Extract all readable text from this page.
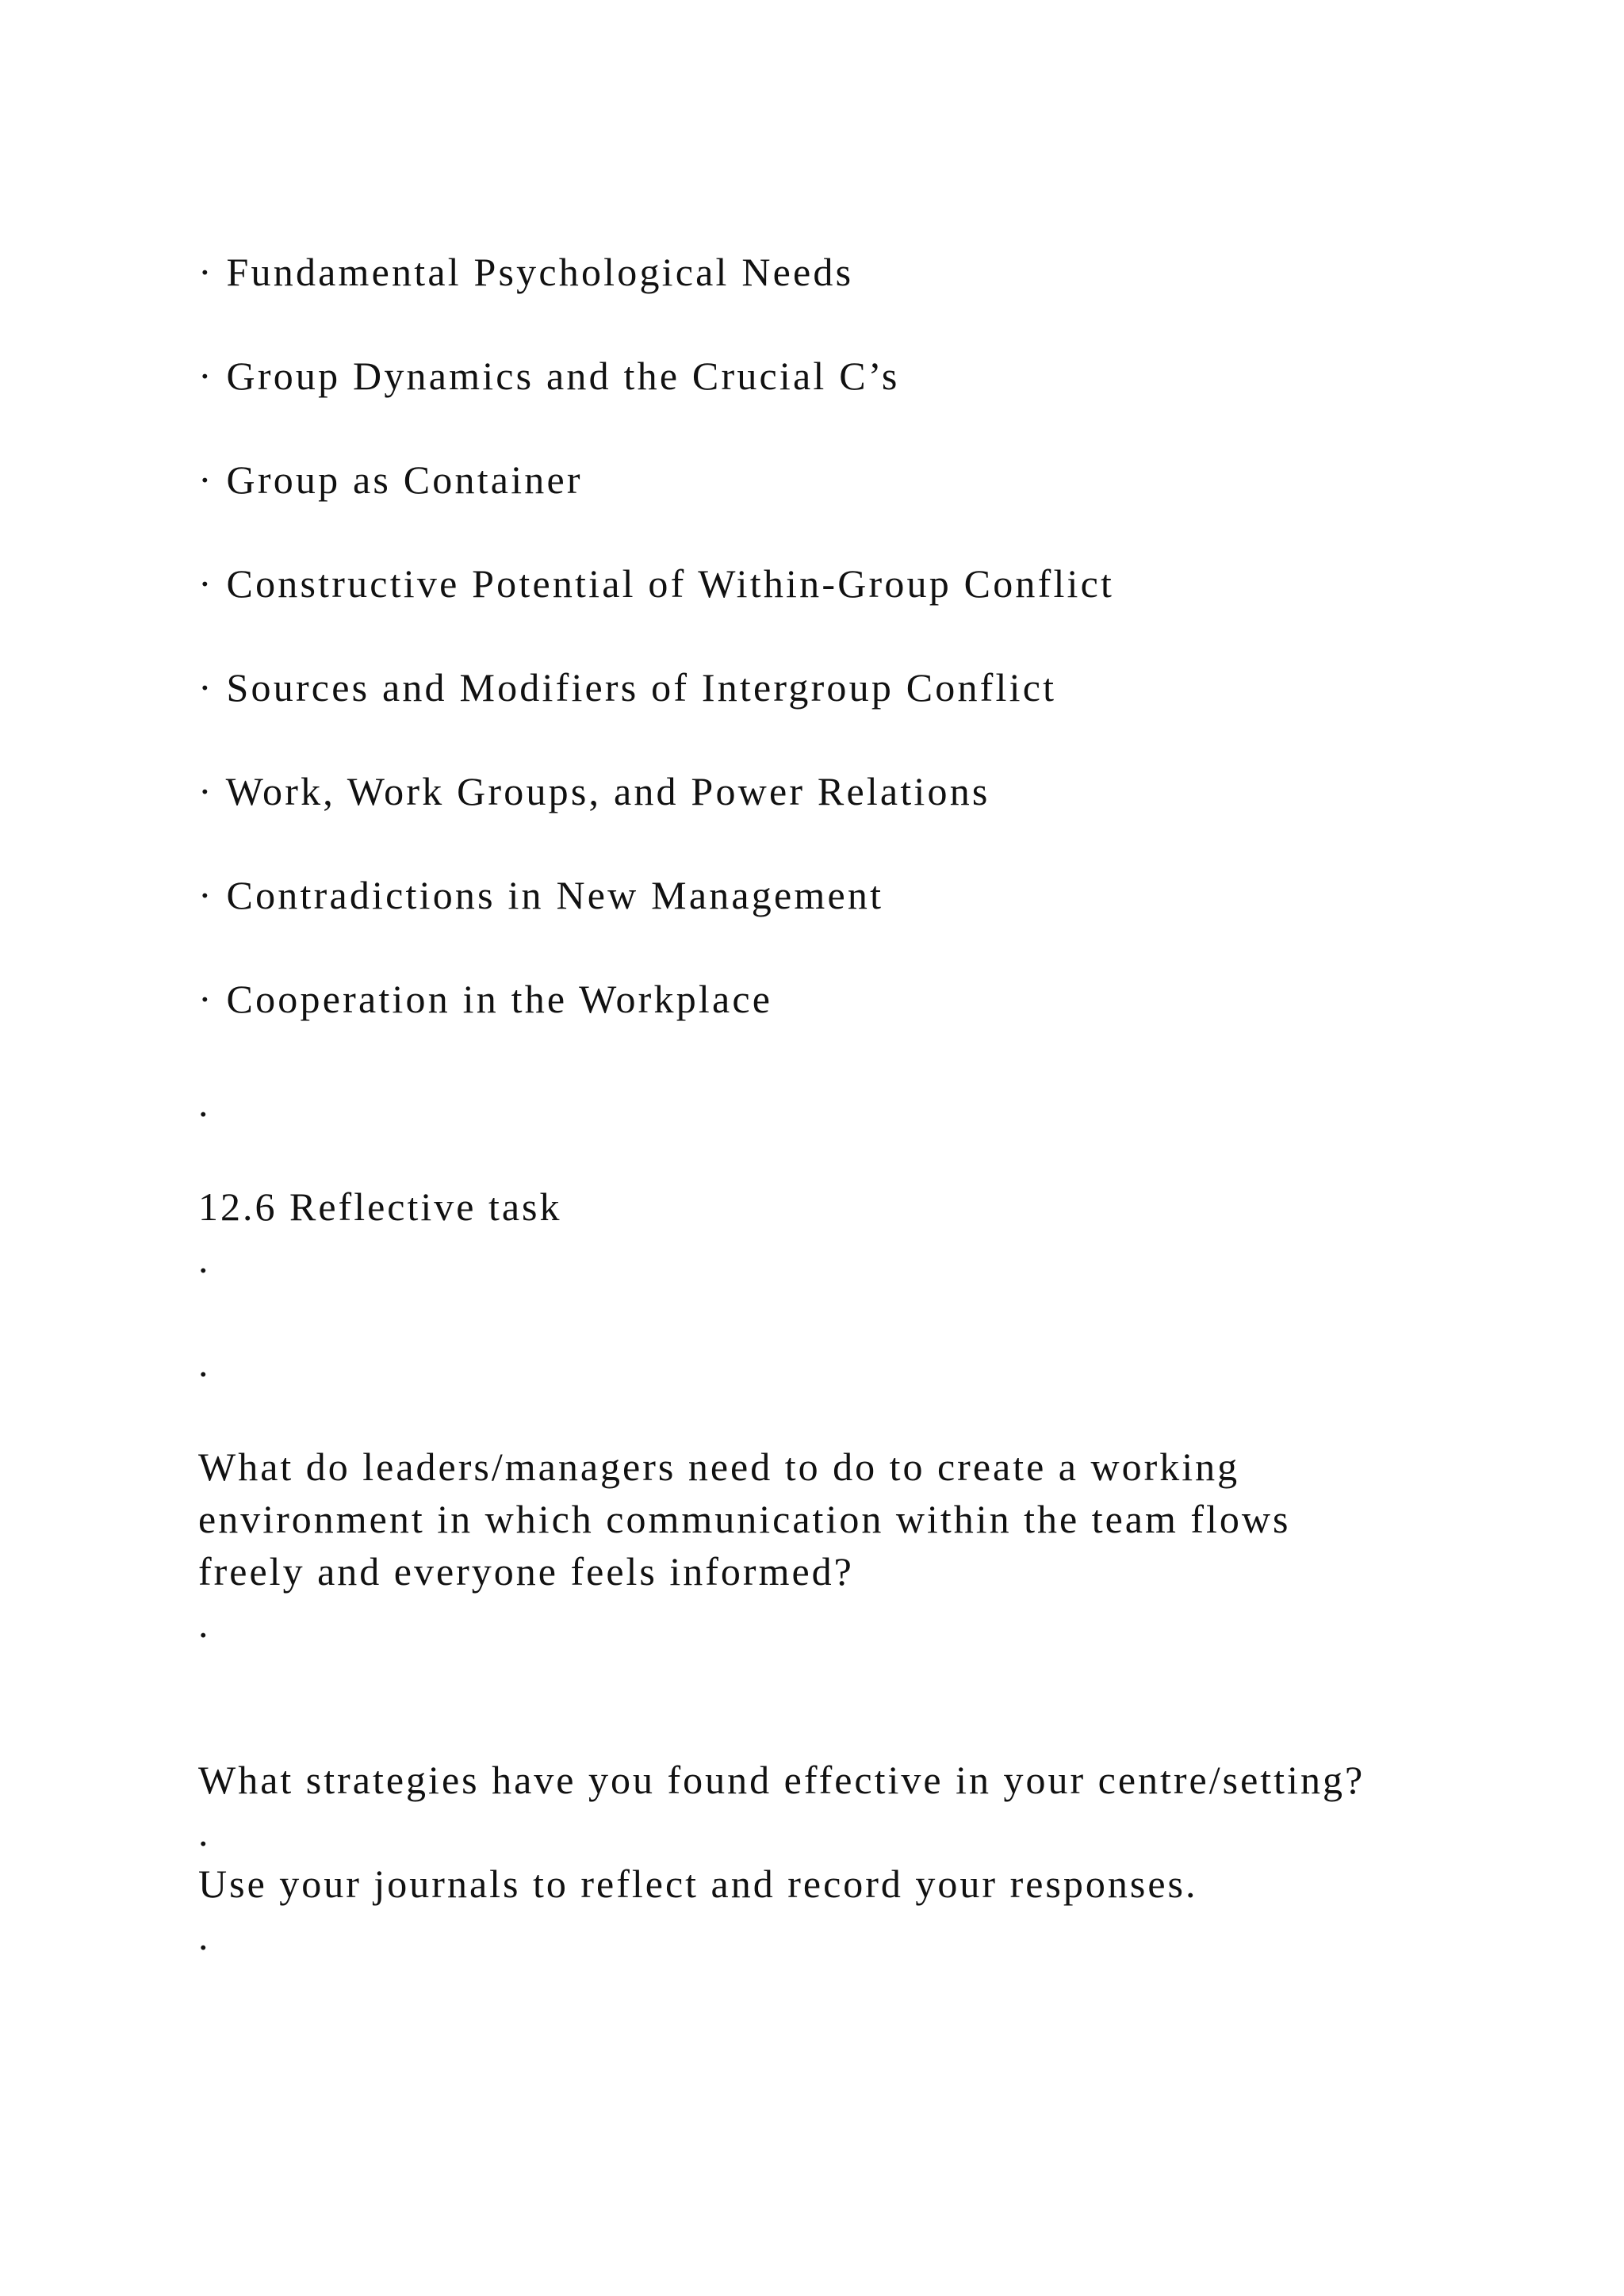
· Fundamental Psychological Needs
· Group Dynamics and the Crucial C’s
· Group as Container
· Constructive Potential of Within-Group Conflict
· Sources and Modifiers of Intergroup Conflict
· Work, Work Groups, and Power Relations
· Contradictions in New Management
· Cooperation in the Workplace
.
12.6 Reflective task
.
.
What do leaders/managers need to do to create a working
environment in which communication within the team flows
freely and everyone feels informed?
.
What strategies have you found effective in your centre/setting?
.
Use your journals to reflect and record your responses.
.
